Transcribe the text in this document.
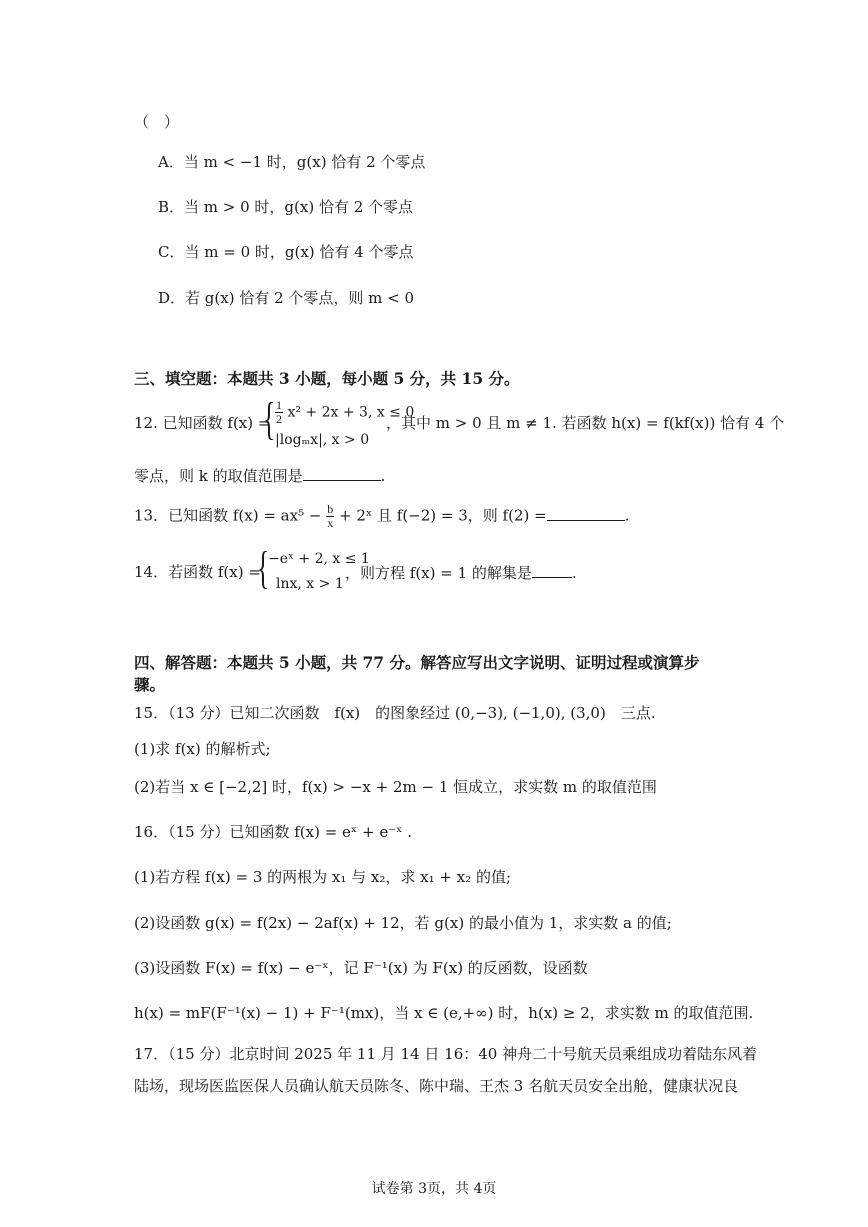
（　）
A．当 m < −1 时，g(x) 恰有 2 个零点
B．当 m > 0 时，g(x) 恰有 2 个零点
C．当 m = 0 时，g(x) 恰有 4 个零点
D．若 g(x) 恰有 2 个零点，则 m < 0
三、填空题：本题共 3 小题，每小题 5 分，共 15 分。
12. 已知函数 f(x) =
{ $\frac{1}{2} x^2 + 2x + 3$, x ≤ 0
|logₘx|, x > 0
，其中 m > 0 且 m ≠ 1. 若函数 h(x) = f(kf(x)) 恰有 4 个
零点，则 k 的取值范围是	.
13．已知函数 $f(x) = ax^5 - \frac{b}{x}$ + 2ˣ 且 f(−2) = 3，则 f(2) =	.
14．若函数 f(x) =
{
−eˣ + 2, x ≤ 1
lnx, x > 1
，则方程 f(x) = 1 的解集是	.
四、解答题：本题共 5 小题，共 77 分。解答应写出文字说明、证明过程或演算步
骤。
15．（13 分）已知二次函数　f(x)　的图象经过 (0,−3), (−1,0), (3,0)　三点.
(1)求 f(x) 的解析式;
(2)若当 x ∈ [−2,2] 时，f(x) > −x + 2m − 1 恒成立，求实数 m 的取值范围
16．（15 分）已知函数 f(x) = eˣ + e⁻ˣ .
(1)若方程 f(x) = 3 的两根为 x₁ 与 x₂，求 x₁ + x₂ 的值;
(2)设函数 g(x) = f(2x) − 2af(x) + 12，若 g(x) 的最小值为 1，求实数 a 的值;
(3)设函数 F(x) = f(x) − e⁻ˣ，记 F⁻¹(x) 为 F(x) 的反函数，设函数
h(x) = mF(F⁻¹(x) − 1) + F⁻¹(mx)，当 x ∈ (e,+∞) 时，h(x) ≥ 2，求实数 m 的取值范围.
17．（15 分）北京时间 2025 年 11 月 14 日 16：40 神舟二十号航天员乘组成功着陆东风着
陆场，现场医监医保人员确认航天员陈冬、陈中瑞、王杰 3 名航天员安全出舱，健康状况良
试卷第 3页，共 4页
